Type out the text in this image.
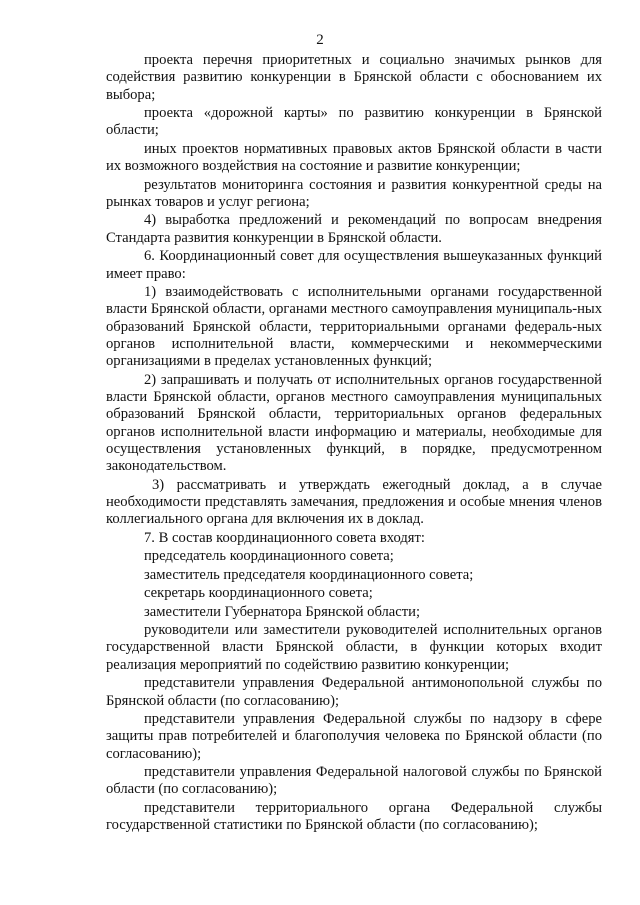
2

проекта перечня приоритетных и социально значимых рынков для содействия развитию конкуренции в Брянской области с обоснованием их выбора;

проекта «дорожной карты» по развитию конкуренции в Брянской области;

иных проектов нормативных правовых актов Брянской области в части их возможного воздействия на состояние и развитие конкуренции;

результатов мониторинга состояния и развития конкурентной среды на рынках товаров и услуг региона;

4) выработка предложений и рекомендаций по вопросам внедрения Стандарта развития конкуренции в Брянской области.

6. Координационный совет для осуществления вышеуказанных функций имеет право:

1) взаимодействовать с исполнительными органами государственной власти Брянской области, органами местного самоуправления муниципаль-ных образований Брянской области, территориальными органами федераль-ных органов исполнительной власти, коммерческими и некоммерческими организациями в пределах установленных функций;

2) запрашивать и получать от исполнительных органов государственной власти Брянской области, органов местного самоуправления муниципальных образований Брянской области, территориальных органов федеральных органов исполнительной власти информацию и материалы, необходимые для осуществления установленных функций, в порядке, предусмотренном законодательством.

3) рассматривать и утверждать ежегодный доклад, а в случае необходимости представлять замечания, предложения и особые мнения членов коллегиального органа для включения их в доклад.

7. В состав координационного совета входят:

председатель координационного совета;

заместитель председателя координационного совета;

секретарь координационного совета;

заместители Губернатора Брянской области;

руководители или заместители руководителей исполнительных органов государственной власти Брянской области, в функции которых входит реализация мероприятий по содействию развитию конкуренции;

представители управления Федеральной антимонопольной службы по Брянской области (по согласованию);

представители управления Федеральной службы по надзору в сфере защиты прав потребителей и благополучия человека по Брянской области (по согласованию);

представители управления Федеральной налоговой службы по Брянской области (по согласованию);

представители территориального органа Федеральной службы государственной статистики по Брянской области (по согласованию);
